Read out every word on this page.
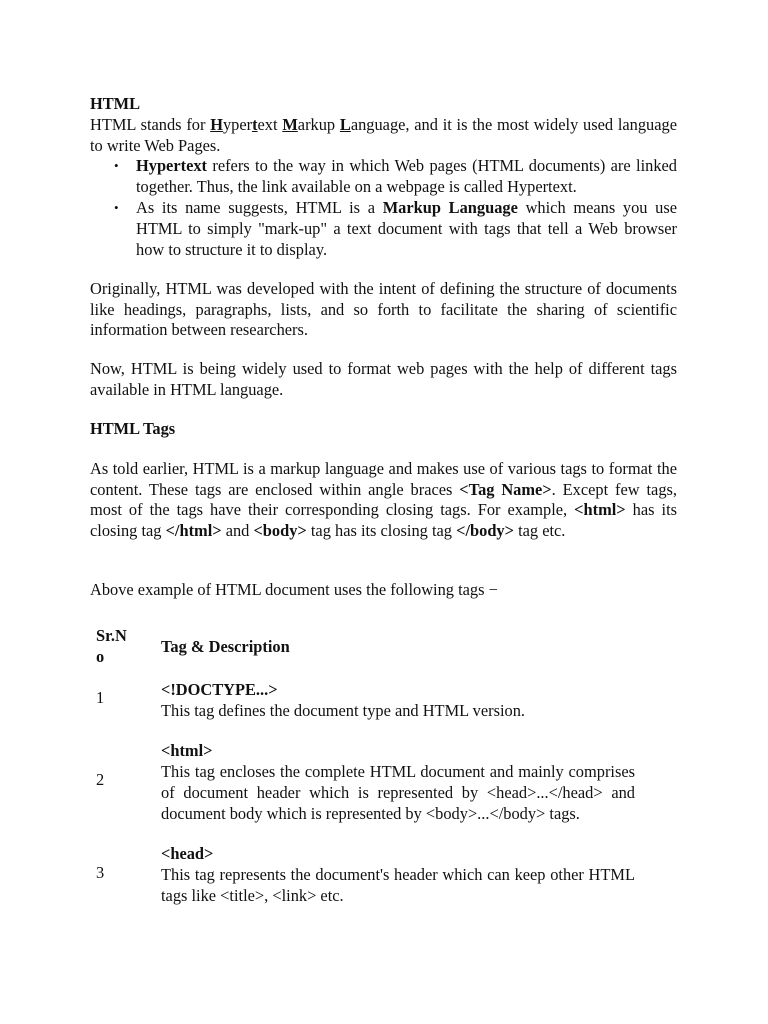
HTML

HTML stands for Hypertext Markup Language, and it is the most widely used language to write Web Pages.

• Hypertext refers to the way in which Web pages (HTML documents) are linked together. Thus, the link available on a webpage is called Hypertext.
• As its name suggests, HTML is a Markup Language which means you use HTML to simply "mark-up" a text document with tags that tell a Web browser how to structure it to display.

Originally, HTML was developed with the intent of defining the structure of documents like headings, paragraphs, lists, and so forth to facilitate the sharing of scientific information between researchers.

Now, HTML is being widely used to format web pages with the help of different tags available in HTML language.

HTML Tags

As told earlier, HTML is a markup language and makes use of various tags to format the content. These tags are enclosed within angle braces <Tag Name>. Except few tags, most of the tags have their corresponding closing tags. For example, <html> has its closing tag </html> and <body> tag has its closing tag </body> tag etc.

Above example of HTML document uses the following tags −

Sr.N o	Tag & Description
1	<!DOCTYPE...>
This tag defines the document type and HTML version.
2	<html>
This tag encloses the complete HTML document and mainly comprises of document header which is represented by <head>...</head> and document body which is represented by <body>...</body> tags.
3	<head>
This tag represents the document's header which can keep other HTML tags like <title>, <link> etc.
